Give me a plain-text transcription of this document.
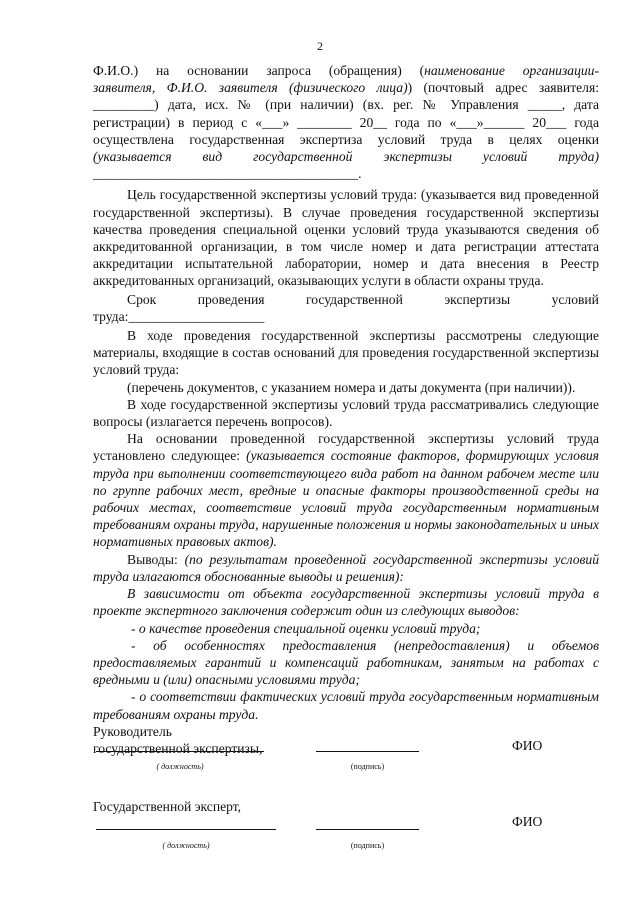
2

Ф.И.О.) на основании запроса (обращения) (наименование организации-

заявителя, Ф.И.О. заявителя (физического лица)) (почтовый адрес заявителя:

_________) дата, исх. № (при наличии) (вх. рег. № Управления _____, дата

регистрации) в период с «___» ________ 20__ года по «___»______ 20___ года

осуществлена государственная экспертиза условий труда в целях оценки

(указывается вид государственной экспертизы условий труда)

_______________________________________.

Цель государственной экспертизы условий труда: (указывается вид проведенной государственной экспертизы). В случае проведения государственной экспертизы качества проведения специальной оценки условий труда указываются сведения об аккредитованной организации, в том числе номер и дата регистрации аттестата аккредитации испытательной лаборатории, номер и дата внесения в Реестр аккредитованных организаций, оказывающих услуги в области охраны труда.

Срок	проведения	государственной	экспертизы	условий

труда:____________________

В ходе проведения государственной экспертизы рассмотрены следующие материалы, входящие в состав оснований для проведения государственной экспертизы условий труда:

(перечень документов, с указанием номера и даты документа (при наличии)).

В ходе государственной экспертизы условий труда рассматривались следующие вопросы (излагается перечень вопросов).

На основании проведенной государственной экспертизы условий труда установлено следующее: (указывается состояние факторов, формирующих условия труда при выполнении соответствующего вида работ на данном рабочем месте или по группе рабочих мест, вредные и опасные факторы производственной среды на рабочих местах, соответствие условий труда государственным нормативным требованиям охраны труда, нарушенные положения и нормы законодательных и иных нормативных правовых актов).

Выводы: (по результатам проведенной государственной экспертизы условий труда излагаются обоснованные выводы и решения):

В зависимости от объекта государственной экспертизы условий труда в проекте экспертного заключения содержит один из следующих выводов:

- о качестве проведения специальной оценки условий труда;

- об особенностях предоставления (непредоставления) и объемов предоставляемых гарантий и компенсаций работникам, занятым на работах с вредными и (или) опасными условиями труда;

- о соответствии фактических условий труда государственным нормативным требованиям охраны труда.

Руководитель

государственной экспертизы,	ФИО
( должность)	(подпись)
Государственной эксперт,
ФИО
( должность)	(подпись)
